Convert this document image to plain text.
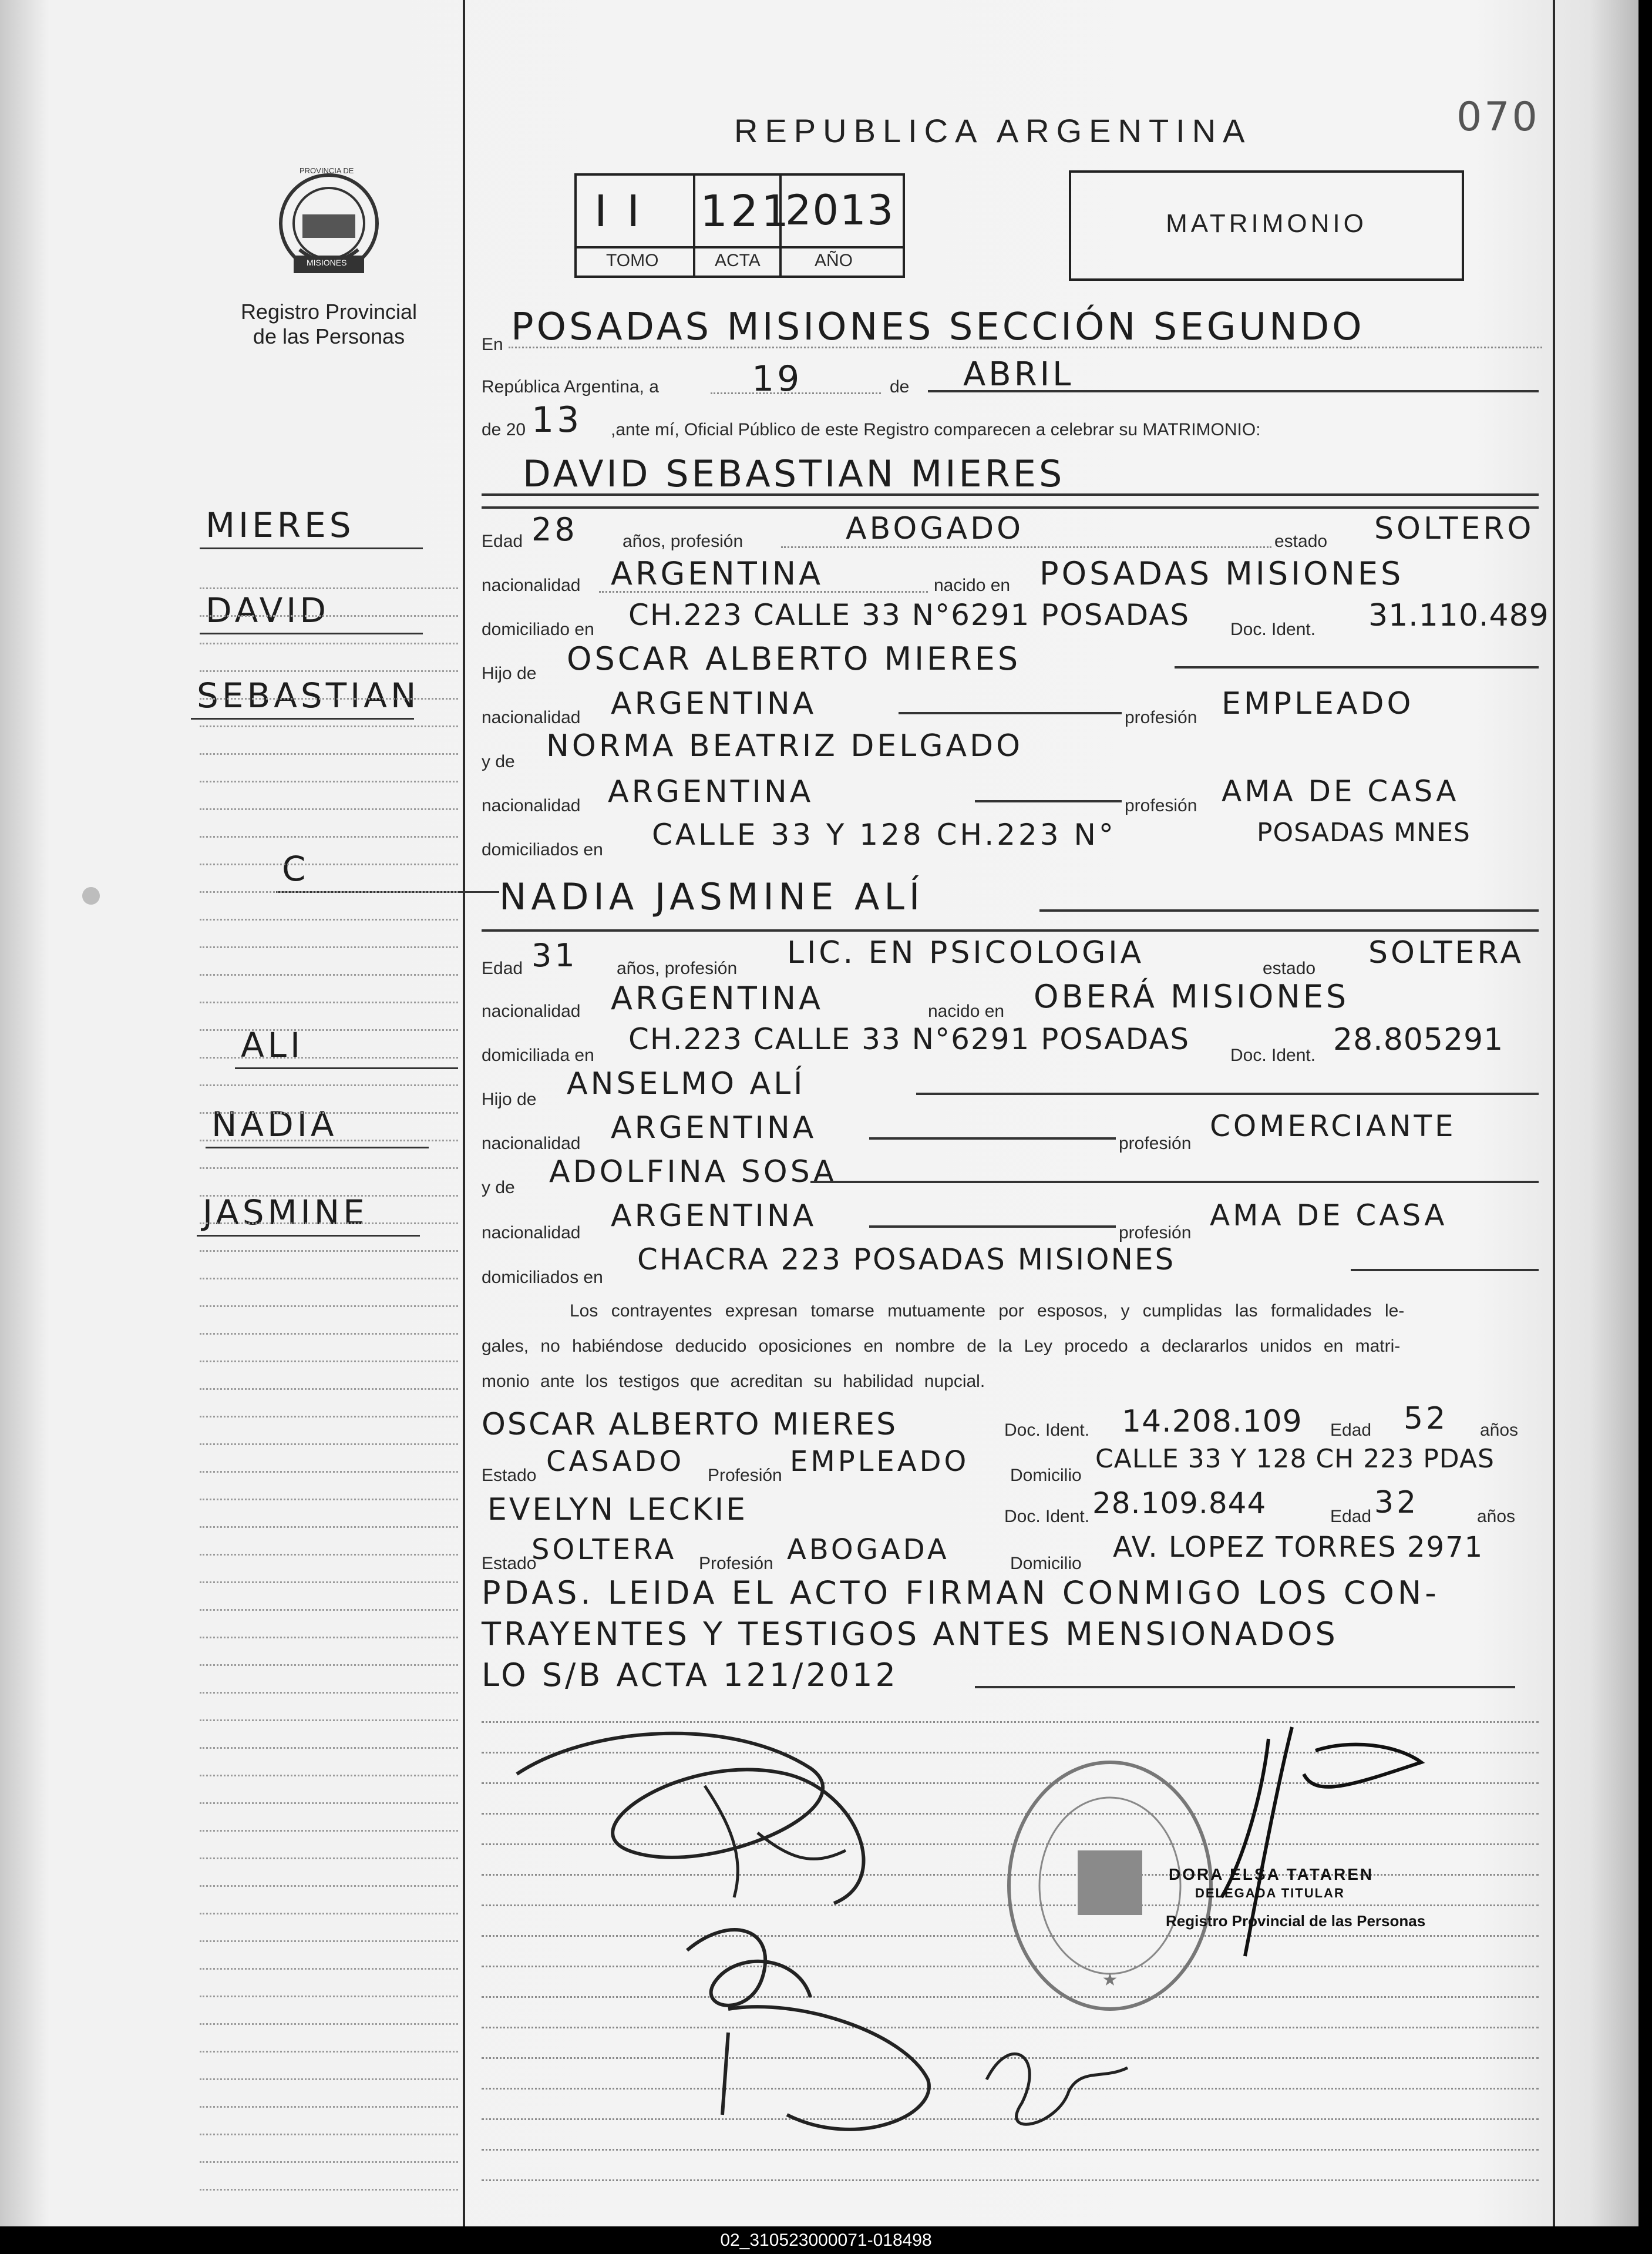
070
REPUBLICA ARGENTINA
PROVINCIA DE
MISIONES
Registro Provincial
de las Personas
I I 121
2013
TOMO	ACTA	AÑO
MATRIMONIO
MIERES
DAVID
SEBASTIAN
C
ALI
NADIA
JASMINE
En POSADAS MISIONES SECCIÓN SEGUNDO
República Argentina, a	19	de ABRIL
de 20 13 ,ante mí, Oficial Público de este Registro comparecen a celebrar su MATRIMONIO:
DAVID SEBASTIAN MIERES
Edad 28	años, profesión	ABOGADO	estado SOLTERO
nacionalidad ARGENTINA	nacido en POSADAS MISIONES
domiciliado en CH.223 CALLE 33 N°6291 POSADAS Doc. Ident. 31.110.489
Hijo de OSCAR ALBERTO MIERES
nacionalidad ARGENTINA	profesión EMPLEADO
y de NORMA BEATRIZ DELGADO
nacionalidad ARGENTINA	profesión AMA DE CASA
domiciliados en CALLE 33 Y 128 CH.223 N°	POSADAS MNES
NADIA JASMINE ALÍ
Edad 31 años, profesión LIC. EN PSICOLOGIA	estado SOLTERA
nacionalidad ARGENTINA	nacido en OBERÁ MISIONES
domiciliada en CH.223 CALLE 33 N°6291 POSADAS Doc. Ident. 28.805291
Hijo de ANSELMO ALÍ
nacionalidad ARGENTINA	profesión
COMERCIANTE
y de ADOLFINA SOSA
nacionalidad ARGENTINA	profesión
AMA DE CASA
domiciliados en
CHACRA 223 POSADAS MISIONES
Los contrayentes expresan tomarse mutuamente por esposos, y cumplidas las formalidades le-
gales, no habiéndose deducido oposiciones en nombre de la Ley procedo a declararlos unidos en matri-
monio ante los testigos que acreditan su habilidad nupcial.
OSCAR ALBERTO MIERES	Doc. Ident. 14.208.109 Edad 52 años
Estado CASADO Profesión EMPLEADO Domicilio
CALLE 33 Y 128 CH 223 PDAS
EVELYN LECKIE	Doc. Ident. 28.109.844	Edad 32	años
Estado
SOLTERA Profesión ABOGADA	Domicilio AV. LOPEZ TORRES 2971
PDAS. LEIDA EL ACTO FIRMAN CONMIGO LOS CON-
TRAYENTES Y TESTIGOS ANTES MENSIONADOS
LO S/B ACTA 121/2012
★
DORA ELSA TATAREN
DELEGADA TITULAR
Registro Provincial de las Personas
02_310523000071-018498
